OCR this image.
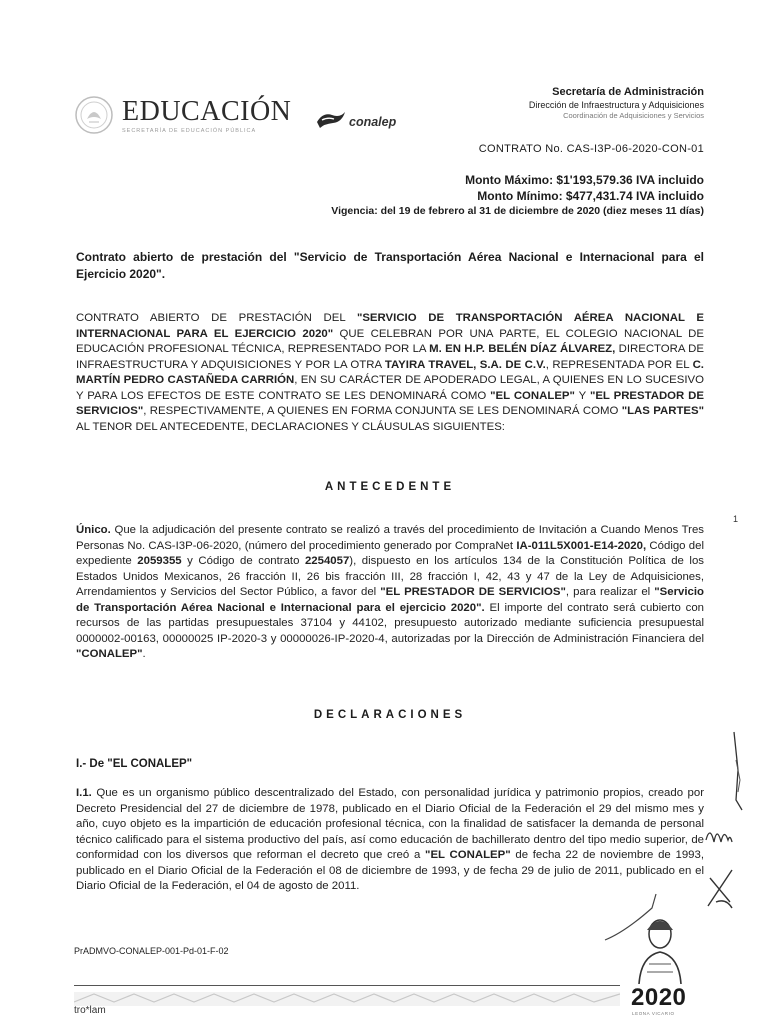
EDUCACIÓN
SECRETARÍA DE EDUCACIÓN PÚBLICA
conalep
Secretaría de Administración
Dirección de Infraestructura y Adquisiciones
Coordinación de Adquisiciones y Servicios
CONTRATO No. CAS-I3P-06-2020-CON-01
Monto Máximo: $1'193,579.36 IVA incluido
Monto Mínimo: $477,431.74 IVA incluido
Vigencia: del 19 de febrero al 31 de diciembre de 2020 (diez meses 11 días)
Contrato abierto de prestación del "Servicio de Transportación Aérea Nacional e Internacional para el Ejercicio 2020".
CONTRATO ABIERTO DE PRESTACIÓN DEL "SERVICIO DE TRANSPORTACIÓN AÉREA NACIONAL E INTERNACIONAL PARA EL EJERCICIO 2020" QUE CELEBRAN POR UNA PARTE, EL COLEGIO NACIONAL DE EDUCACIÓN PROFESIONAL TÉCNICA, REPRESENTADO POR LA M. EN H.P. BELÉN DÍAZ ÁLVAREZ, DIRECTORA DE INFRAESTRUCTURA Y ADQUISICIONES Y POR LA OTRA TAYIRA TRAVEL, S.A. DE C.V., REPRESENTADA POR EL C. MARTÍN PEDRO CASTAÑEDA CARRIÓN, EN SU CARÁCTER DE APODERADO LEGAL, A QUIENES EN LO SUCESIVO Y PARA LOS EFECTOS DE ESTE CONTRATO SE LES DENOMINARÁ COMO "EL CONALEP" Y "EL PRESTADOR DE SERVICIOS", RESPECTIVAMENTE, A QUIENES EN FORMA CONJUNTA SE LES DENOMINARÁ COMO "LAS PARTES" AL TENOR DEL ANTECEDENTE, DECLARACIONES Y CLÁUSULAS SIGUIENTES:
ANTECEDENTE
Único. Que la adjudicación del presente contrato se realizó a través del procedimiento de Invitación a Cuando Menos Tres Personas No. CAS-I3P-06-2020, (número del procedimiento generado por CompraNet IA-011L5X001-E14-2020, Código del expediente 2059355 y Código de contrato 2254057), dispuesto en los artículos 134 de la Constitución Política de los Estados Unidos Mexicanos, 26 fracción II, 26 bis fracción III, 28 fracción I, 42, 43 y 47 de la Ley de Adquisiciones, Arrendamientos y Servicios del Sector Público, a favor del "EL PRESTADOR DE SERVICIOS", para realizar el "Servicio de Transportación Aérea Nacional e Internacional para el ejercicio 2020". El importe del contrato será cubierto con recursos de las partidas presupuestales 37104 y 44102, presupuesto autorizado mediante suficiencia presupuestal 0000002-00163, 00000025 IP-2020-3 y 00000026-IP-2020-4, autorizadas por la Dirección de Administración Financiera del "CONALEP".
DECLARACIONES
I.- De "EL CONALEP"
I.1. Que es un organismo público descentralizado del Estado, con personalidad jurídica y patrimonio propios, creado por Decreto Presidencial del 27 de diciembre de 1978, publicado en el Diario Oficial de la Federación el 29 del mismo mes y año, cuyo objeto es la impartición de educación profesional técnica, con la finalidad de satisfacer la demanda de personal técnico calificado para el sistema productivo del país, así como educación de bachillerato dentro del tipo medio superior, de conformidad con los diversos que reforman el decreto que creó a "EL CONALEP" de fecha 22 de noviembre de 1993, publicado en el Diario Oficial de la Federación el 08 de diciembre de 1993, y de fecha 29 de julio de 2011, publicado en el Diario Oficial de la Federación, el 04 de agosto de 2011.
1
PrADMVO-CONALEP-001-Pd-01-F-02
2020
LEONA VICARIO
tro*lam
